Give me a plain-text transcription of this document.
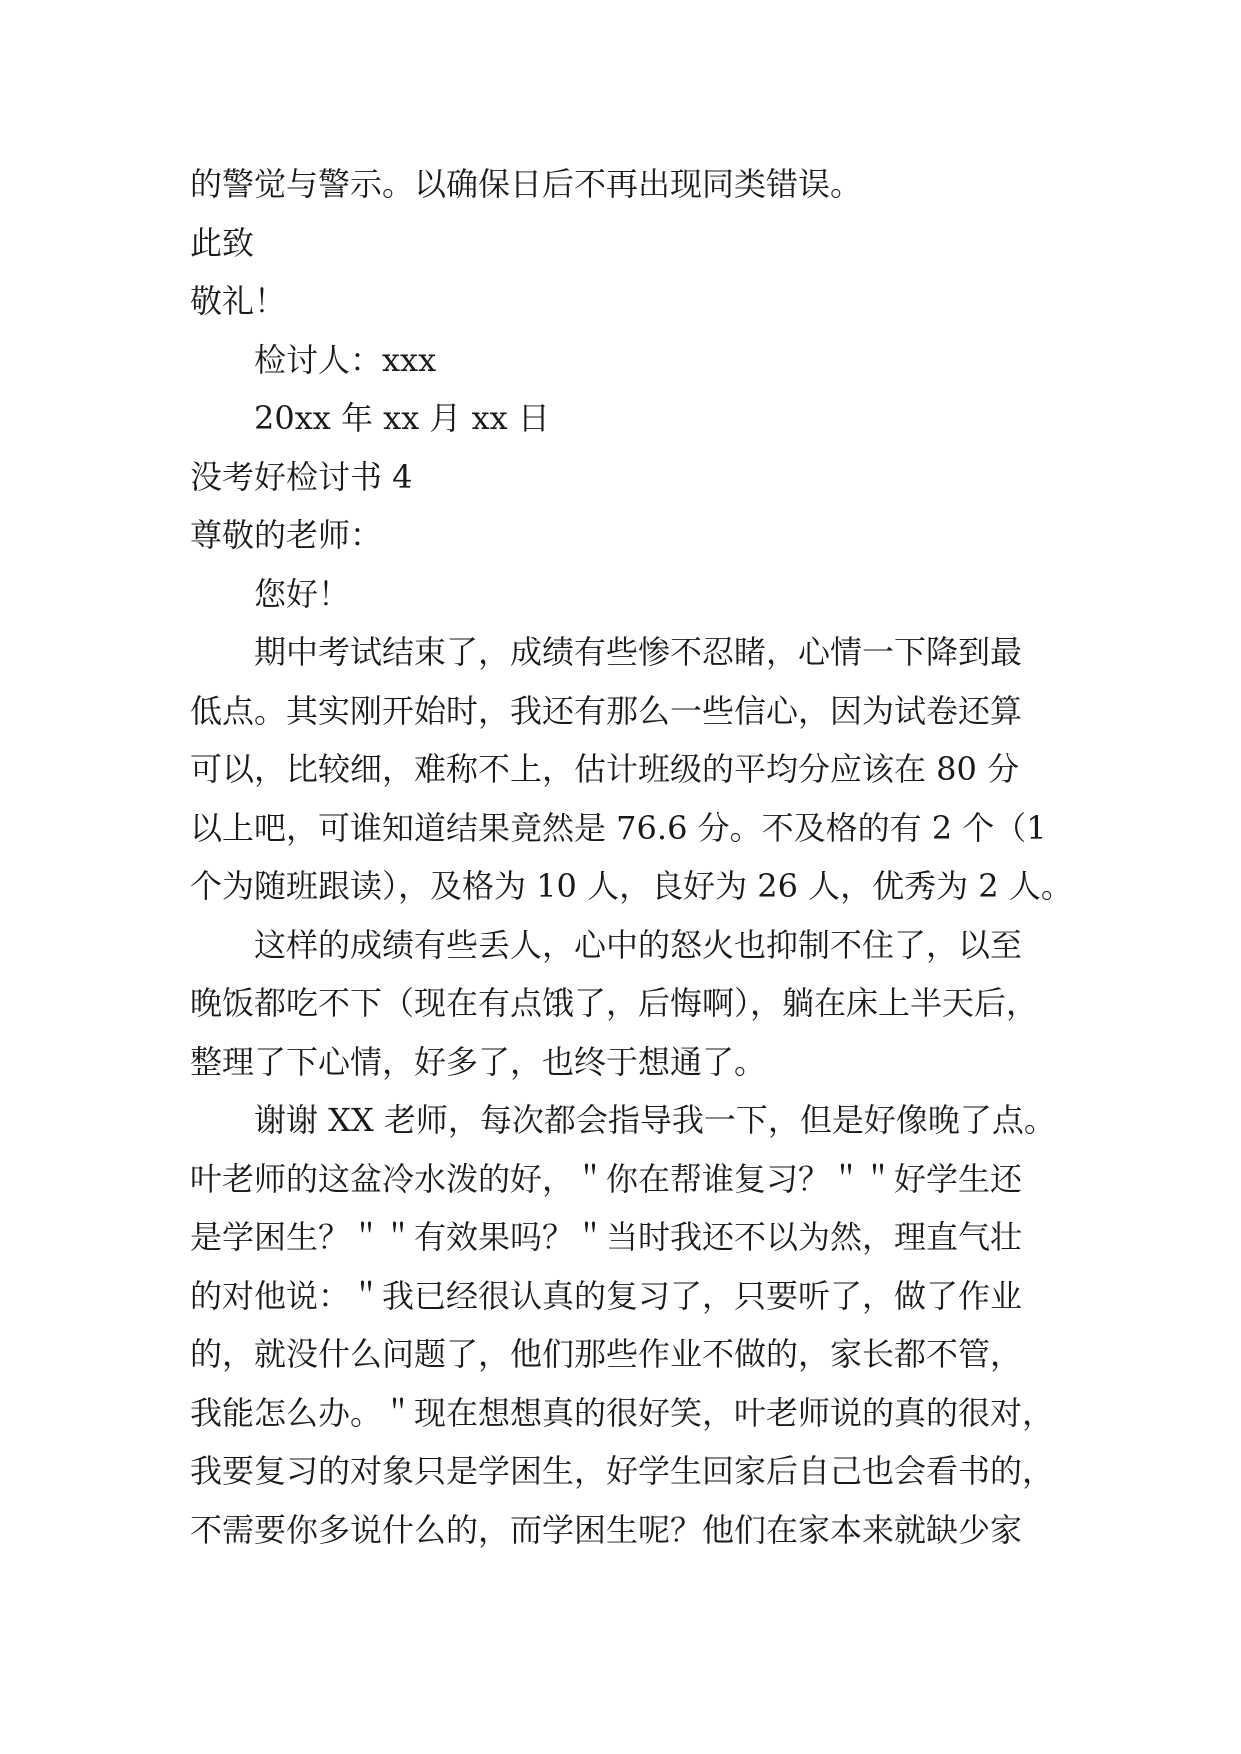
的警觉与警示。以确保日后不再出现同类错误。

此致

敬礼！

检讨人：xxx

20xx 年 xx 月 xx 日

没考好检讨书 4

尊敬的老师：

您好！

期中考试结束了，成绩有些惨不忍睹，心情一下降到最

低点。其实刚开始时，我还有那么一些信心，因为试卷还算

可以，比较细，难称不上，估计班级的平均分应该在 80 分

以上吧，可谁知道结果竟然是 76.6 分。不及格的有 2 个（1

个为随班跟读），及格为 10 人，良好为 26 人，优秀为 2 人。

这样的成绩有些丢人，心中的怒火也抑制不住了，以至

晚饭都吃不下（现在有点饿了，后悔啊），躺在床上半天后，

整理了下心情，好多了，也终于想通了。

谢谢 XX 老师，每次都会指导我一下，但是好像晚了点。

叶老师的这盆冷水泼的好，＂你在帮谁复习？＂＂好学生还

是学困生？＂＂有效果吗？＂当时我还不以为然，理直气壮

的对他说：＂我已经很认真的复习了，只要听了，做了作业

的，就没什么问题了，他们那些作业不做的，家长都不管，

我能怎么办。＂现在想想真的很好笑，叶老师说的真的很对，

我要复习的对象只是学困生，好学生回家后自己也会看书的，

不需要你多说什么的，而学困生呢？他们在家本来就缺少家
